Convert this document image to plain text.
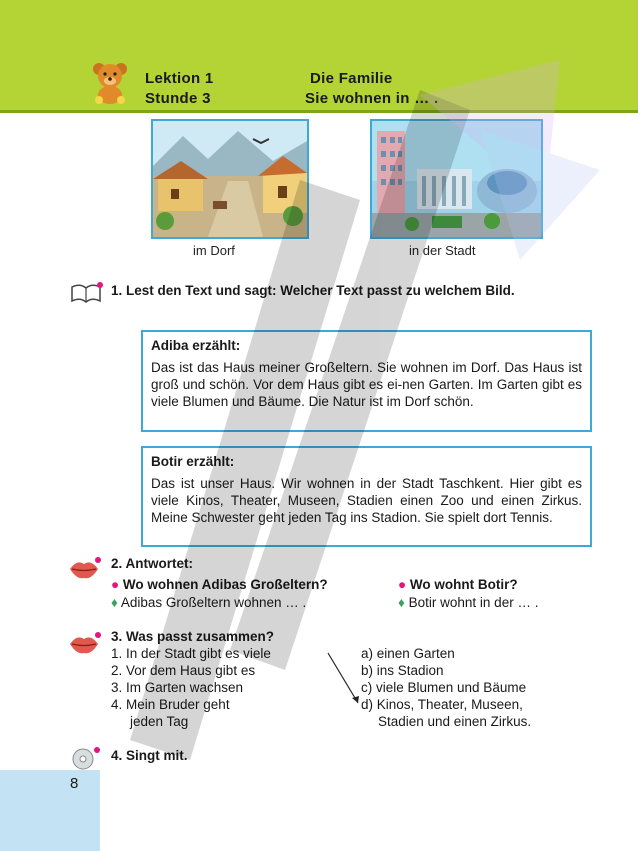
Lektion 1	Die Familie
Stunde 3	Sie wohnen in … .
im Dorf	in der Stadt
1. Lest den Text und sagt: Welcher Text passt zu welchem Bild.
Adiba erzählt:
Das ist das Haus meiner Großeltern. Sie wohnen im Dorf. Das Haus ist groß und schön. Vor dem Haus gibt es ei-nen Garten. Im Garten gibt es viele Blumen und Bäume. Die Natur ist im Dorf schön.
Botir erzählt:
Das ist unser Haus. Wir wohnen in der Stadt Taschkent. Hier gibt es viele Kinos, Theater, Museen, Stadien einen Zoo und einen Zirkus. Meine Schwester geht jeden Tag ins Stadion. Sie spielt dort Tennis.
2. Antwortet:
● Wo wohnen Adibas Großeltern?	● Wo wohnt Botir?
♦ Adibas Großeltern wohnen … .	♦ Botir wohnt in der … .
3. Was passt zusammen?
1. In der Stadt gibt es viele
2. Vor dem Haus gibt es
3. Im Garten wachsen
4. Mein Bruder geht
jeden Tag
a) einen Garten
b) ins Stadion
c) viele Blumen und Bäume
d) Kinos, Theater, Museen,
Stadien und einen Zirkus.
4. Singt mit.
8
